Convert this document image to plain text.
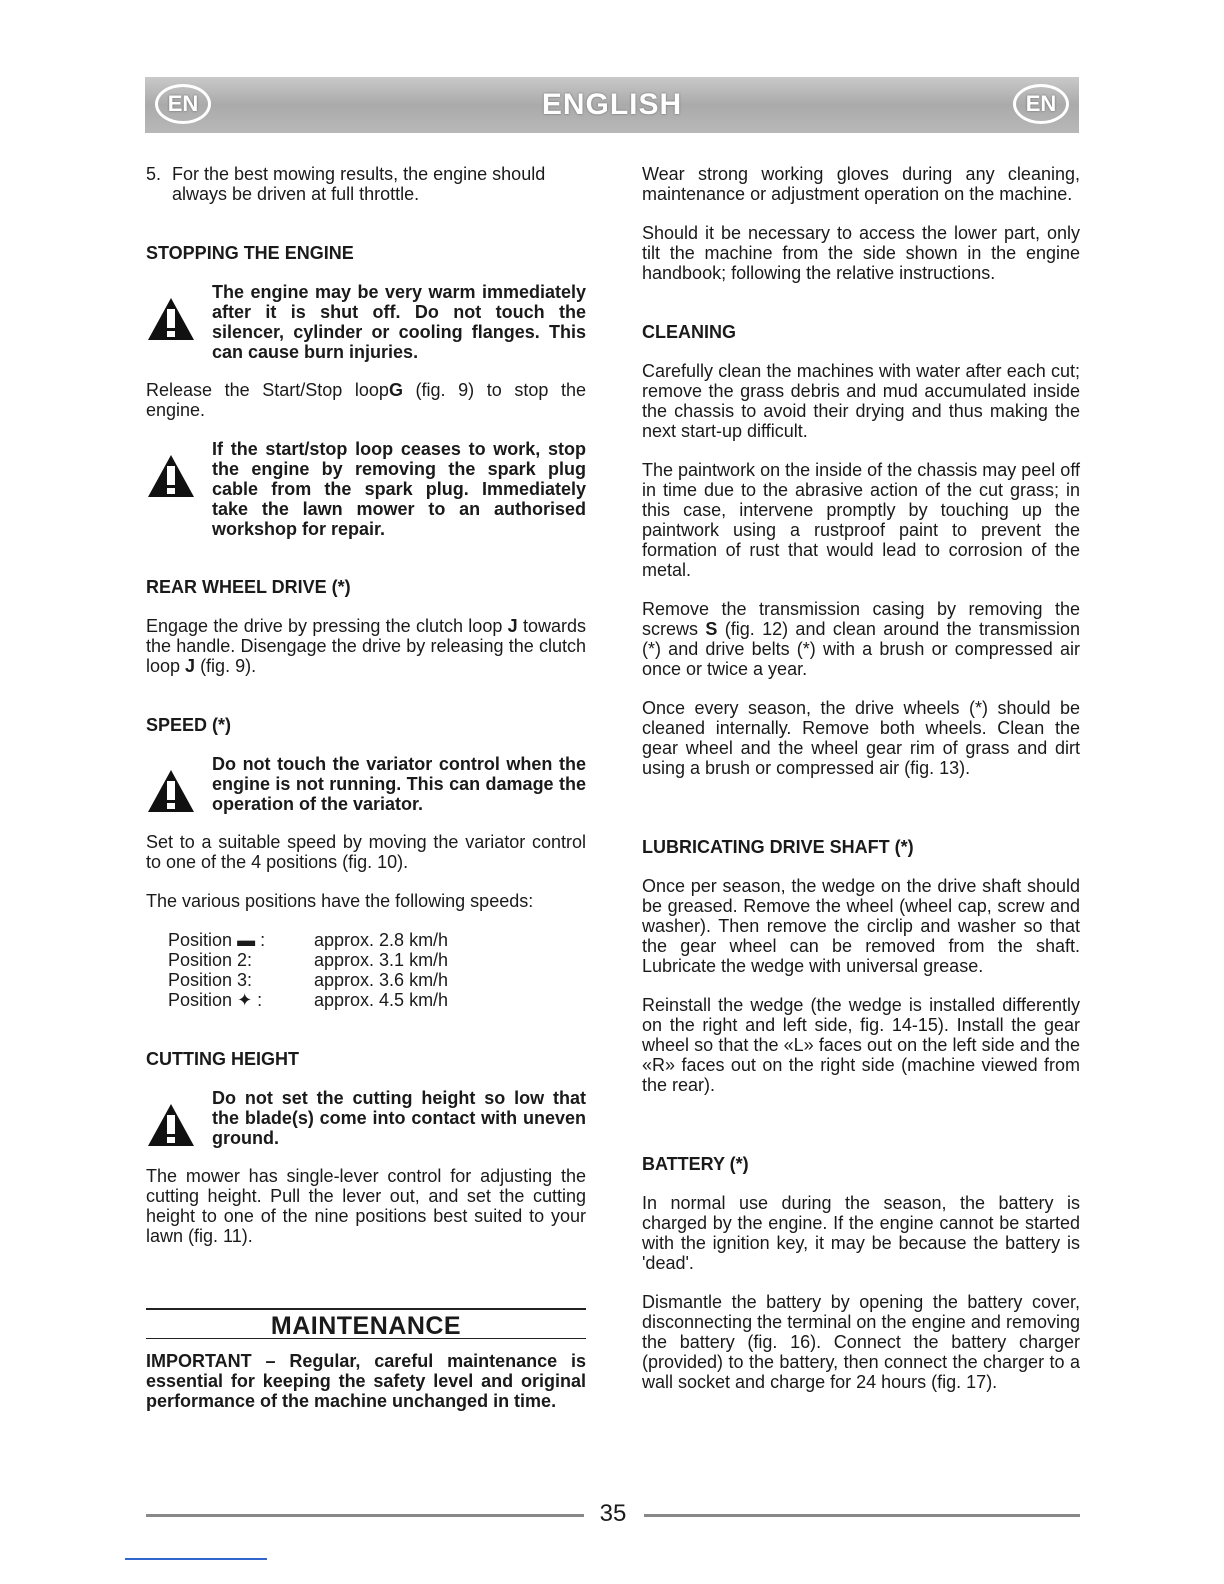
EN	ENGLISH	EN
5. For the best mowing results, the engine should always be driven at full throttle.
STOPPING THE ENGINE
The engine may be very warm immediately after it is shut off. Do not touch the silencer, cylinder or cooling flanges. This can cause burn injuries.

Release the Start/Stop loopG (fig. 9) to stop the engine.

If the start/stop loop ceases to work, stop the engine by removing the spark plug cable from the spark plug. Immediately take the lawn mower to an authorised workshop for repair.
REAR WHEEL DRIVE (*)

Engage the drive by pressing the clutch loop J towards the handle. Disengage the drive by releasing the clutch loop J (fig. 9).

SPEED (*)
Do not touch the variator control when the engine is not running. This can damage the operation of the variator.

Set to a suitable speed by moving the variator control to one of the 4 positions (fig. 10).

The various positions have the following speeds:

Position ▬ :	approx. 2.8 km/h
Position 2:	approx. 3.1 km/h
Position 3:	approx. 3.6 km/h
Position ✦ :	approx. 4.5 km/h
CUTTING HEIGHT
Do not set the cutting height so low that the blade(s) come into contact with uneven ground.

The mower has single-lever control for adjusting the cutting height. Pull the lever out, and set the cutting height to one of the nine positions best suited to your lawn (fig. 11).

MAINTENANCE

IMPORTANT – Regular, careful maintenance is essential for keeping the safety level and original performance of the machine unchanged in time.

Wear strong working gloves during any cleaning, maintenance or adjustment operation on the machine.

Should it be necessary to access the lower part, only tilt the machine from the side shown in the engine handbook; following the relative instructions.

CLEANING

Carefully clean the machines with water after each cut; remove the grass debris and mud accumulated inside the chassis to avoid their drying and thus making the next start-up difficult.

The paintwork on the inside of the chassis may peel off in time due to the abrasive action of the cut grass; in this case, intervene promptly by touching up the paintwork using a rustproof paint to prevent the formation of rust that would lead to corrosion of the metal.

Remove the transmission casing by removing the screws S (fig. 12) and clean around the transmission (*) and drive belts (*) with a brush or compressed air once or twice a year.

Once every season, the drive wheels (*) should be cleaned internally. Remove both wheels. Clean the gear wheel and the wheel gear rim of grass and dirt using a brush or compressed air (fig. 13).

LUBRICATING DRIVE SHAFT (*)

Once per season, the wedge on the drive shaft should be greased. Remove the wheel (wheel cap, screw and washer). Then remove the circlip and washer so that the gear wheel can be removed from the shaft. Lubricate the wedge with universal grease.

Reinstall the wedge (the wedge is installed differently on the right and left side, fig. 14-15). Install the gear wheel so that the «L» faces out on the left side and the «R» faces out on the right side (machine viewed from the rear).

BATTERY (*)

In normal use during the season, the battery is charged by the engine. If the engine cannot be started with the ignition key, it may be because the battery is 'dead'.

Dismantle the battery by opening the battery cover, disconnecting the terminal on the engine and removing the battery (fig. 16). Connect the battery charger (provided) to the battery, then connect the charger to a wall socket and charge for 24 hours (fig. 17).

35
